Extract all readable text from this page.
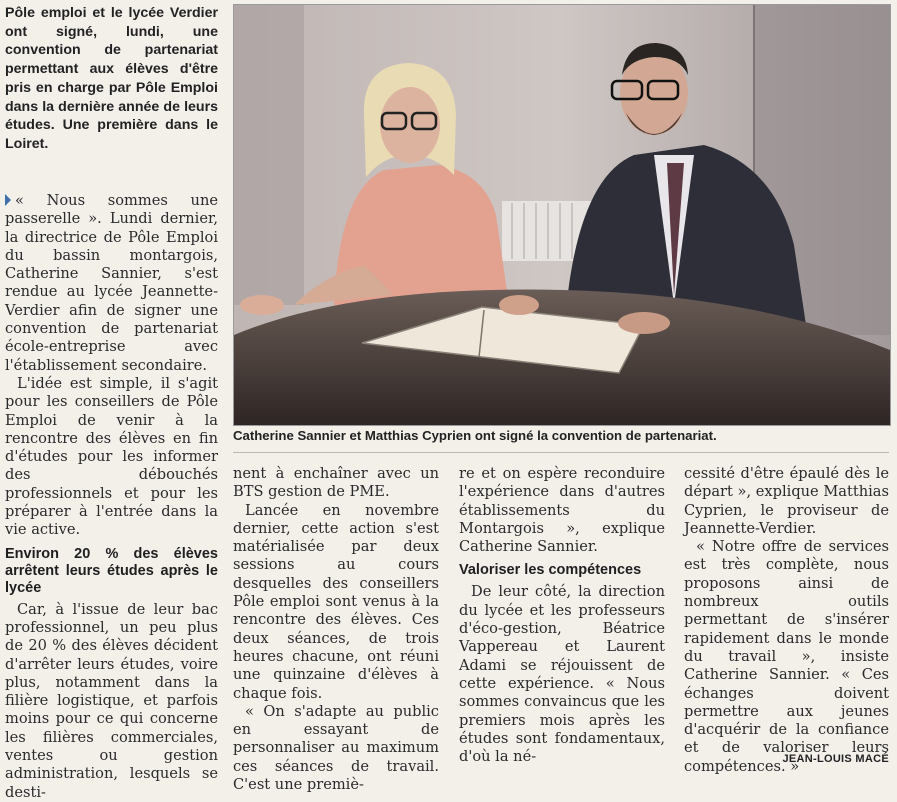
Pôle emploi et le lycée Verdier ont signé, lundi, une convention de partenariat permettant aux élèves d'être pris en charge par Pôle Emploi dans la dernière année de leurs études. Une première dans le Loiret.

« Nous sommes une passerelle ». Lundi dernier, la directrice de Pôle Emploi du bassin montargois, Catherine Sannier, s'est rendue au lycée Jeannette-Verdier afin de signer une convention de partenariat école-entreprise avec l'établissement secondaire.

L'idée est simple, il s'agit pour les conseillers de Pôle Emploi de venir à la rencontre des élèves en fin d'études pour les informer des débouchés professionnels et pour les préparer à l'entrée dans la vie active.

Environ 20 % des élèves arrêtent leurs études après le lycée

Car, à l'issue de leur bac professionnel, un peu plus de 20 % des élèves décident d'arrêter leurs études, voire plus, notamment dans la filière logistique, et parfois moins pour ce qui concerne les filières commerciales, ventes ou gestion administration, lesquels se desti-

Catherine Sannier et Matthias Cyprien ont signé la convention de partenariat.

nent à enchaîner avec un BTS gestion de PME.

Lancée en novembre dernier, cette action s'est matérialisée par deux sessions au cours desquelles des conseillers Pôle emploi sont venus à la rencontre des élèves. Ces deux séances, de trois heures chacune, ont réuni une quinzaine d'élèves à chaque fois.

« On s'adapte au public en essayant de personnaliser au maximum ces séances de travail. C'est une premiè-

re et on espère reconduire l'expérience dans d'autres établissements du Montargois », explique Catherine Sannier.

Valoriser les compétences

De leur côté, la direction du lycée et les professeurs d'éco-gestion, Béatrice Vappereau et Laurent Adami se réjouissent de cette expérience. « Nous sommes convaincus que les premiers mois après les études sont fondamentaux, d'où la né-

cessité d'être épaulé dès le départ », explique Matthias Cyprien, le proviseur de Jeannette-Verdier.

« Notre offre de services est très complète, nous proposons ainsi de nombreux outils permettant de s'insérer rapidement dans le monde du travail », insiste Catherine Sannier. « Ces échanges doivent permettre aux jeunes d'acquérir de la confiance et de valoriser leurs compétences. »

JEAN-LOUIS MACÉ
